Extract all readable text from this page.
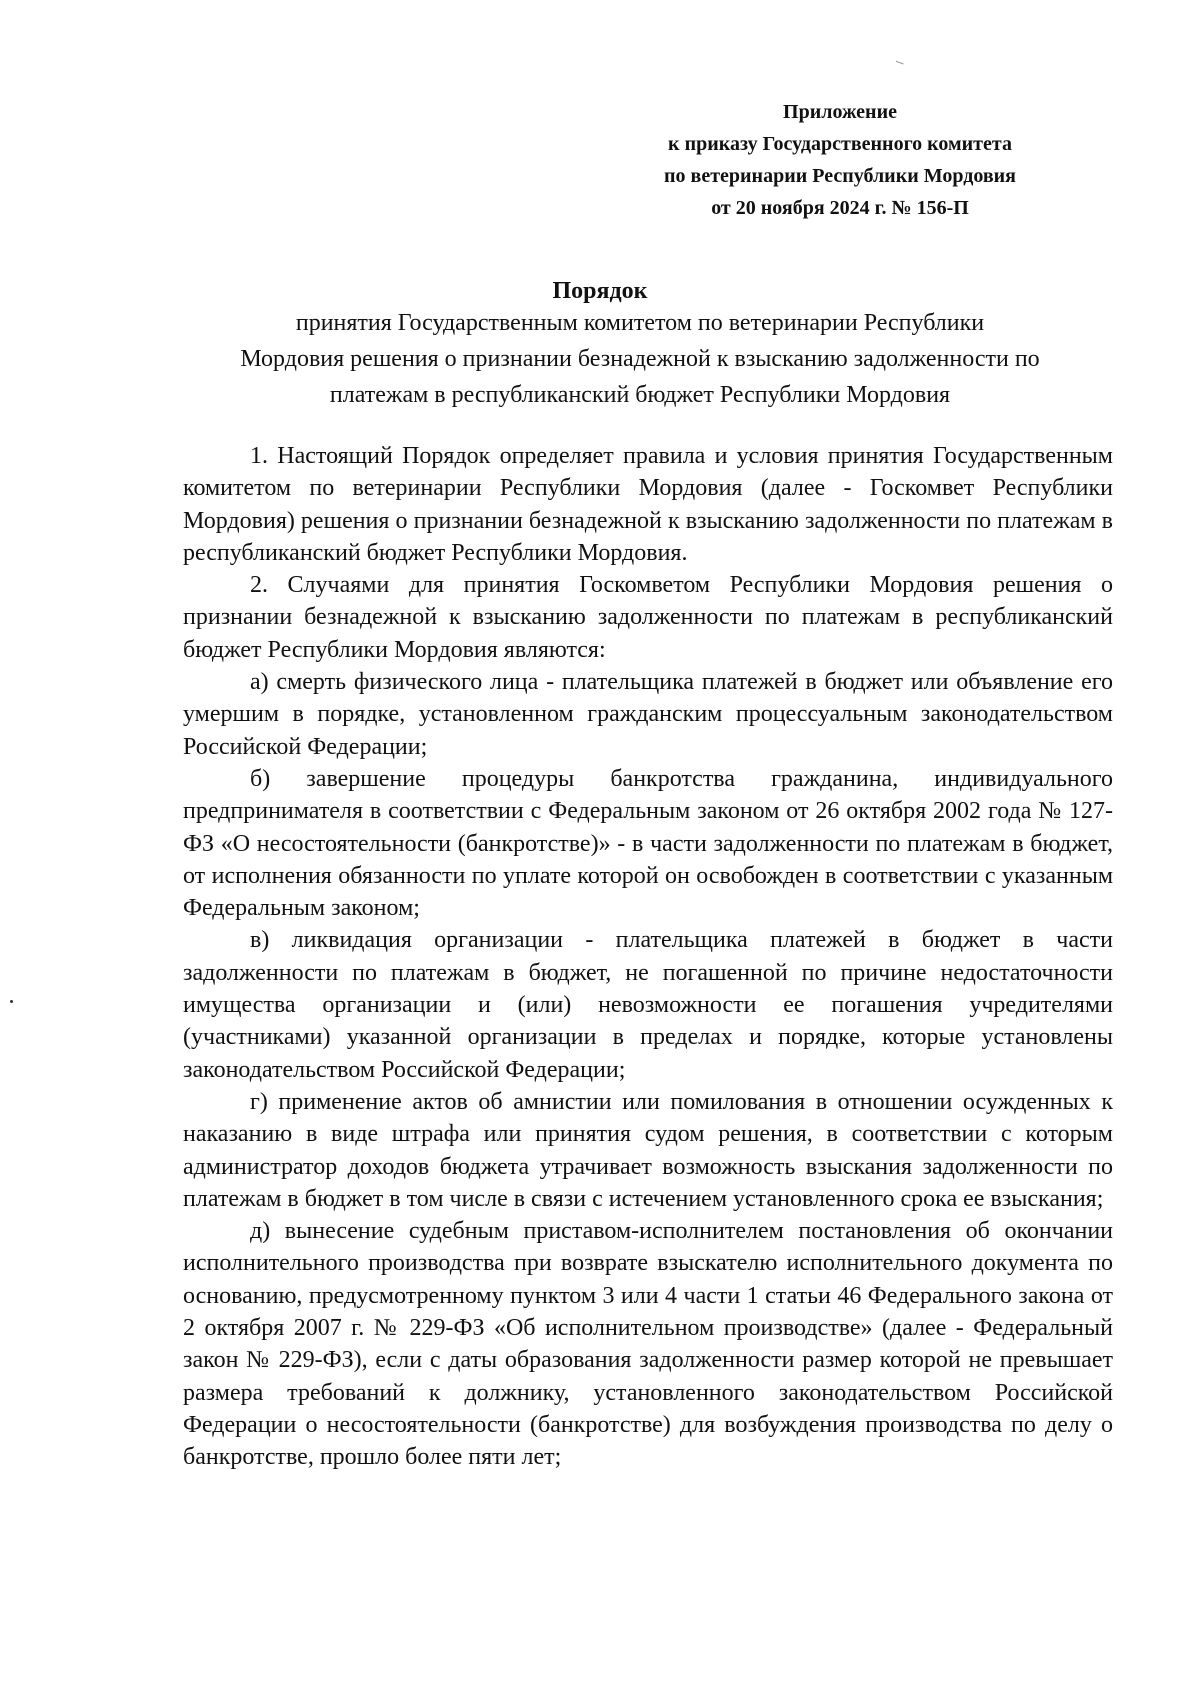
Приложение
к приказу Государственного комитета
по ветеринарии Республики Мордовия
от 20 ноября 2024 г. № 156-П
Порядок
принятия Государственным комитетом по ветеринарии Республики
Мордовия решения о признании безнадежной к взысканию задолженности по
платежам в республиканский бюджет Республики Мордовия

1. Настоящий Порядок определяет правила и условия принятия Государственным комитетом по ветеринарии Республики Мордовия (далее - Госкомвет Республики Мордовия) решения о признании безнадежной к взысканию задолженности по платежам в республиканский бюджет Республики Мордовия.

2. Случаями для принятия Госкомветом Республики Мордовия решения о признании безнадежной к взысканию задолженности по платежам в республиканский бюджет Республики Мордовия являются:

а) смерть физического лица - плательщика платежей в бюджет или объявление его умершим в порядке, установленном гражданским процессуальным законодательством Российской Федерации;

б) завершение процедуры банкротства гражданина, индивидуального предпринимателя в соответствии с Федеральным законом от 26 октября 2002 года № 127-ФЗ «О несостоятельности (банкротстве)» - в части задолженности по платежам в бюджет, от исполнения обязанности по уплате которой он освобожден в соответствии с указанным Федеральным законом;

в) ликвидация организации - плательщика платежей в бюджет в части задолженности по платежам в бюджет, не погашенной по причине недостаточности имущества организации и (или) невозможности ее погашения учредителями (участниками) указанной организации в пределах и порядке, которые установлены законодательством Российской Федерации;

г) применение актов об амнистии или помилования в отношении осужденных к наказанию в виде штрафа или принятия судом решения, в соответствии с которым администратор доходов бюджета утрачивает возможность взыскания задолженности по платежам в бюджет в том числе в связи с истечением установленного срока ее взыскания;

д) вынесение судебным приставом-исполнителем постановления об окончании исполнительного производства при возврате взыскателю исполнительного документа по основанию, предусмотренному пунктом 3 или 4 части 1 статьи 46 Федерального закона от 2 октября 2007 г. № 229-ФЗ «Об исполнительном производстве» (далее - Федеральный закон № 229-ФЗ), если с даты образования задолженности размер которой не превышает размера требований к должнику, установленного законодательством Российской Федерации о несостоятельности (банкротстве) для возбуждения производства по делу о банкротстве, прошло более пяти лет;
